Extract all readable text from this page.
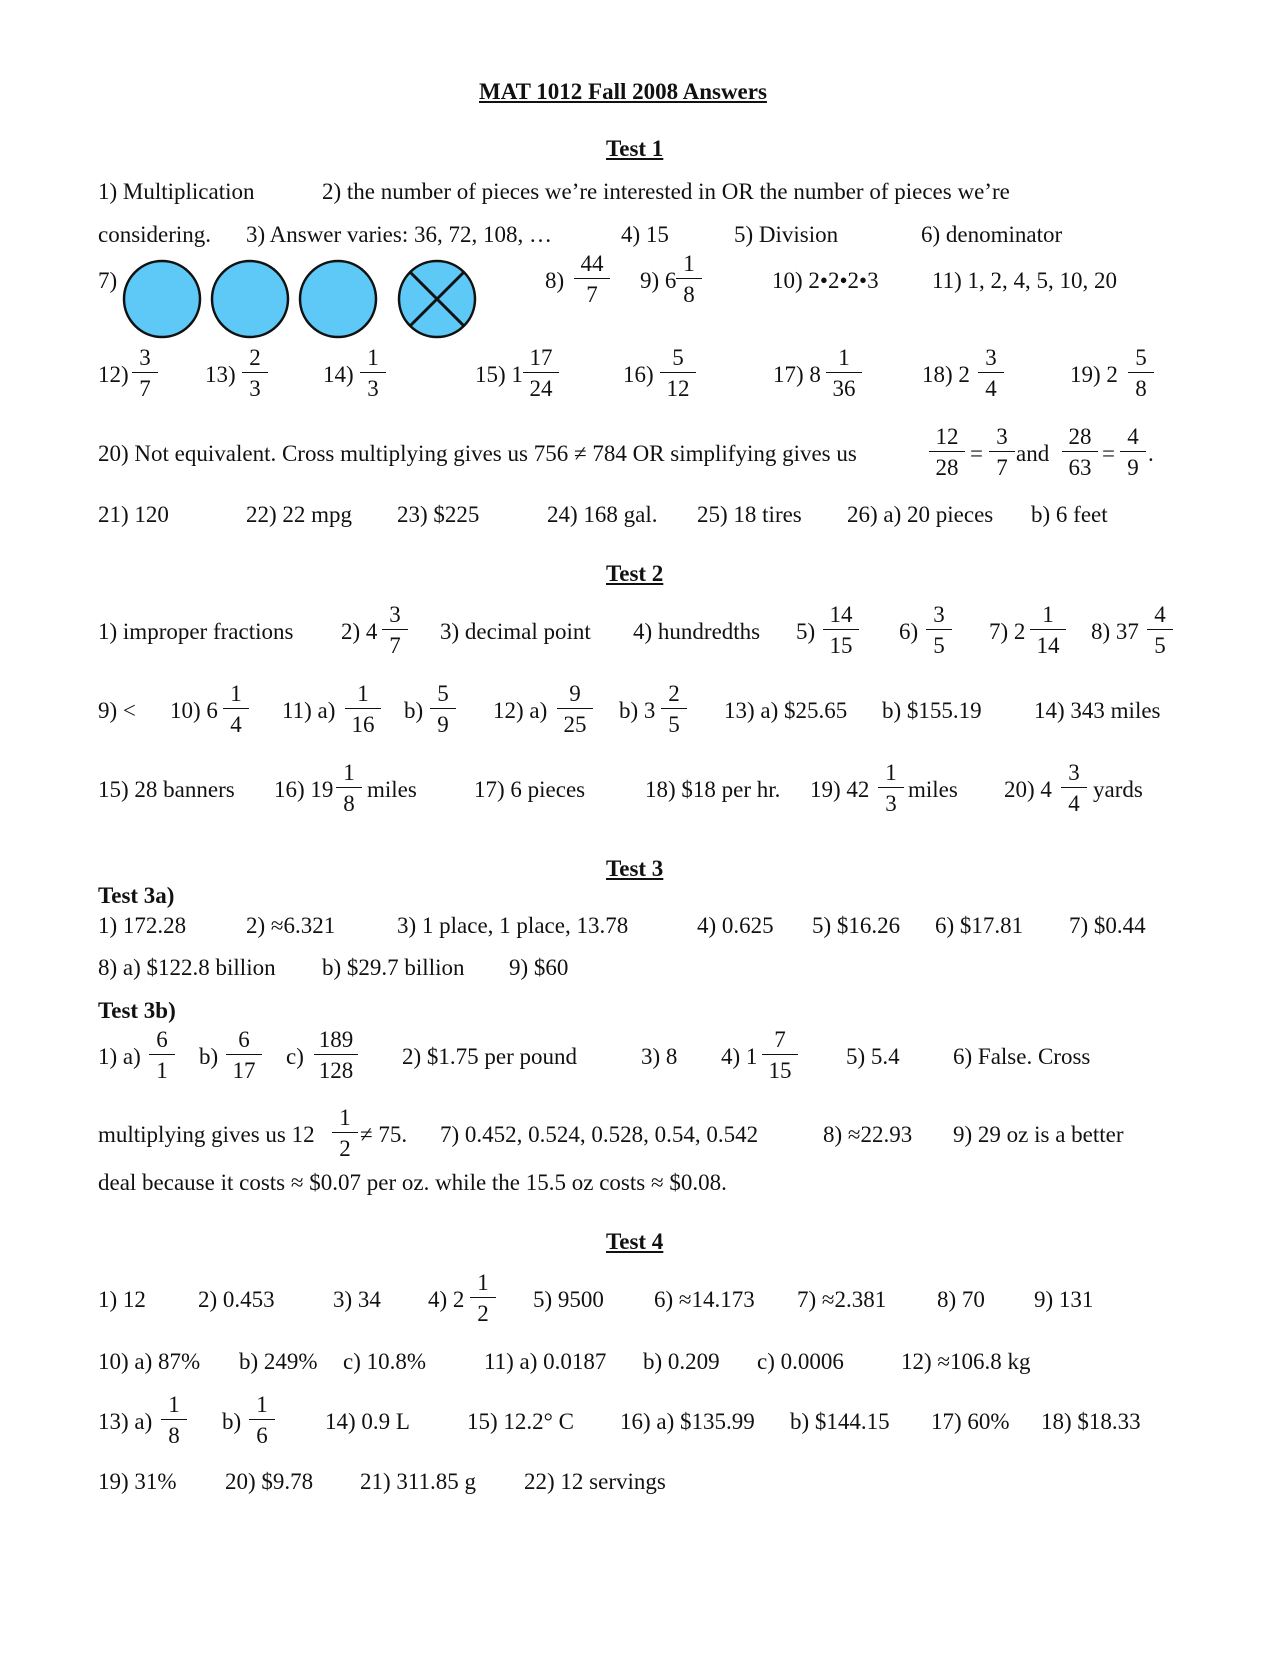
MAT 1012 Fall 2008 Answers
Test 1
1) Multiplication	2) the number of pieces we’re interested in OR the number of pieces we’re
considering. 3) Answer varies: 36, 72, 108, …	4) 15	5) Division	6) denominator
7)	8)
44
7
9) 6
1
8
10) 2•2•2•3 11) 1, 2, 4, 5, 10, 20
12)
3
7
13)
2
3
14)
1
3
15) 1
17
24
16)
5
12
17) 8
1
36
18) 2
3
4
19) 2
5
8
20) Not equivalent. Cross multiplying gives us 756 ≠ 784 OR simplifying gives us
12
28
=
3
7
and
28
63
=
4
9
.
21) 120	22) 22 mpg 23) $225	24) 168 gal. 25) 18 tires 26) a) 20 pieces b) 6 feet
Test 2
1) improper fractions 2) 4
3
7
3) decimal point 4) hundredths 5)
14
15
6)
3
5
7) 2
1
14
8) 37
4
5
9) < 10) 6
1
4
11) a)
1
16
b)
5
9
12) a)
9
25
b) 3
2
5
13) a) $25.65 b) $155.19 14) 343 miles
15) 28 banners 16) 19
1
8
miles 17) 6 pieces	18) $18 per hr. 19) 42
1
3
miles 20) 4
3
4
yards
Test 3
Test 3a)
1) 172.28	2) ≈6.321	3) 1 place, 1 place, 13.78	4) 0.625 5) $16.26 6) $17.81 7) $0.44
8) a) $122.8 billion b) $29.7 billion 9) $60
Test 3b)
1) a)
6
1
b)
6
17
c)
189
128
2) $1.75 per pound	3) 8 4) 1
7
15
5) 5.4 6) False. Cross
multiplying gives us 12
1
2
≠ 75. 7) 0.452, 0.524, 0.528, 0.54, 0.542	8) ≈22.93 9) 29 oz is a better
deal because it costs ≈ $0.07 per oz. while the 15.5 oz costs ≈ $0.08.
Test 4
1) 12 2) 0.453	3) 34 4) 2
1
2
5) 9500 6) ≈14.173 7) ≈2.381 8) 70 9) 131
10) a) 87% b) 249% c) 10.8%	11) a) 0.0187 b) 0.209 c) 0.0006 12) ≈106.8 kg
13) a)
1
8
b)
1
6
14) 0.9 L 15) 12.2° C 16) a) $135.99 b) $144.15 17) 60% 18) $18.33
19) 31% 20) $9.78 21) 311.85 g 22) 12 servings
